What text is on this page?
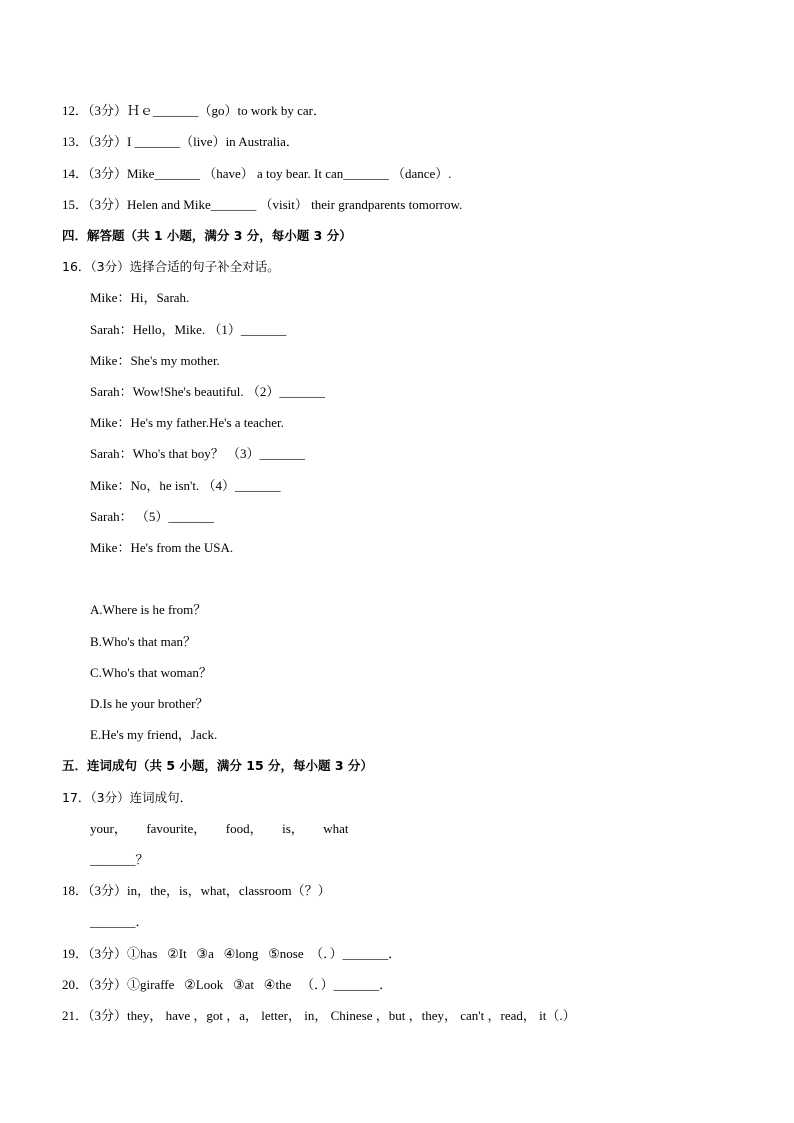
12．（3分）Ｈｅ_______（go）to work by car．
13．（3分）I _______（live）in Australia．
14．（3分）Mike_______ （have） a toy bear. It can_______ （dance）.
15．（3分）Helen and Mike_______ （visit） their grandparents tomorrow.
四．解答题（共 1 小题，满分 3 分，每小题 3 分）
16．（3分）选择合适的句子补全对话。
Mike：Hi，Sarah.
Sarah：Hello，Mike. （1）_______
Mike：She's my mother.
Sarah：Wow!She's beautiful. （2）_______
Mike：He's my father.He's a teacher.
Sarah：Who's that boy？ （3）_______
Mike：No，he isn't. （4）_______
Sarah： （5）_______
Mike：He's from the USA.
A.Where is he from？
B.Who's that man？
C.Who's that woman？
D.Is he your brother？
E.He's my friend，Jack.
五．连词成句（共 5 小题，满分 15 分，每小题 3 分）
17．（3分）连词成句．
your，      favourite，      food，      is，      what
_______？
18．（3分）in，the，is，what，classroom（？）
_______．
19．（3分）①has   ②It   ③a   ④long   ⑤nose  （．）_______．
20．（3分）①giraffe   ②Look   ③at   ④the   （．）_______．
21．（3分）they， have ，got ，a， letter， in， Chinese ，but ，they， can't ，read， it（.）
